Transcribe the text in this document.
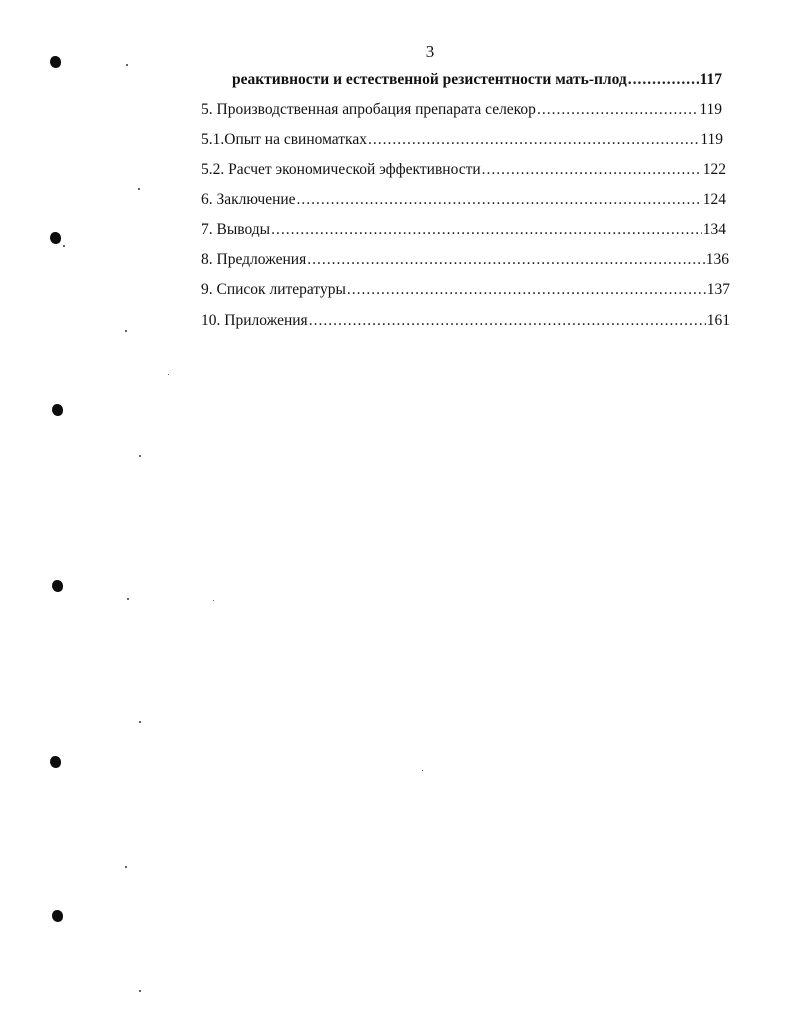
3
реактивности и естественной резистентности мать-плод .....	117
5. Производственная апробация препарата селекор .....	119
5.1.Опыт на свиноматках .....	119
5.2. Расчет экономической эффективности .....	122
6. Заключение .....	124
7. Выводы .....	134
8. Предложения .....	136
9. Список литературы .....	137
10. Приложения .....	161
